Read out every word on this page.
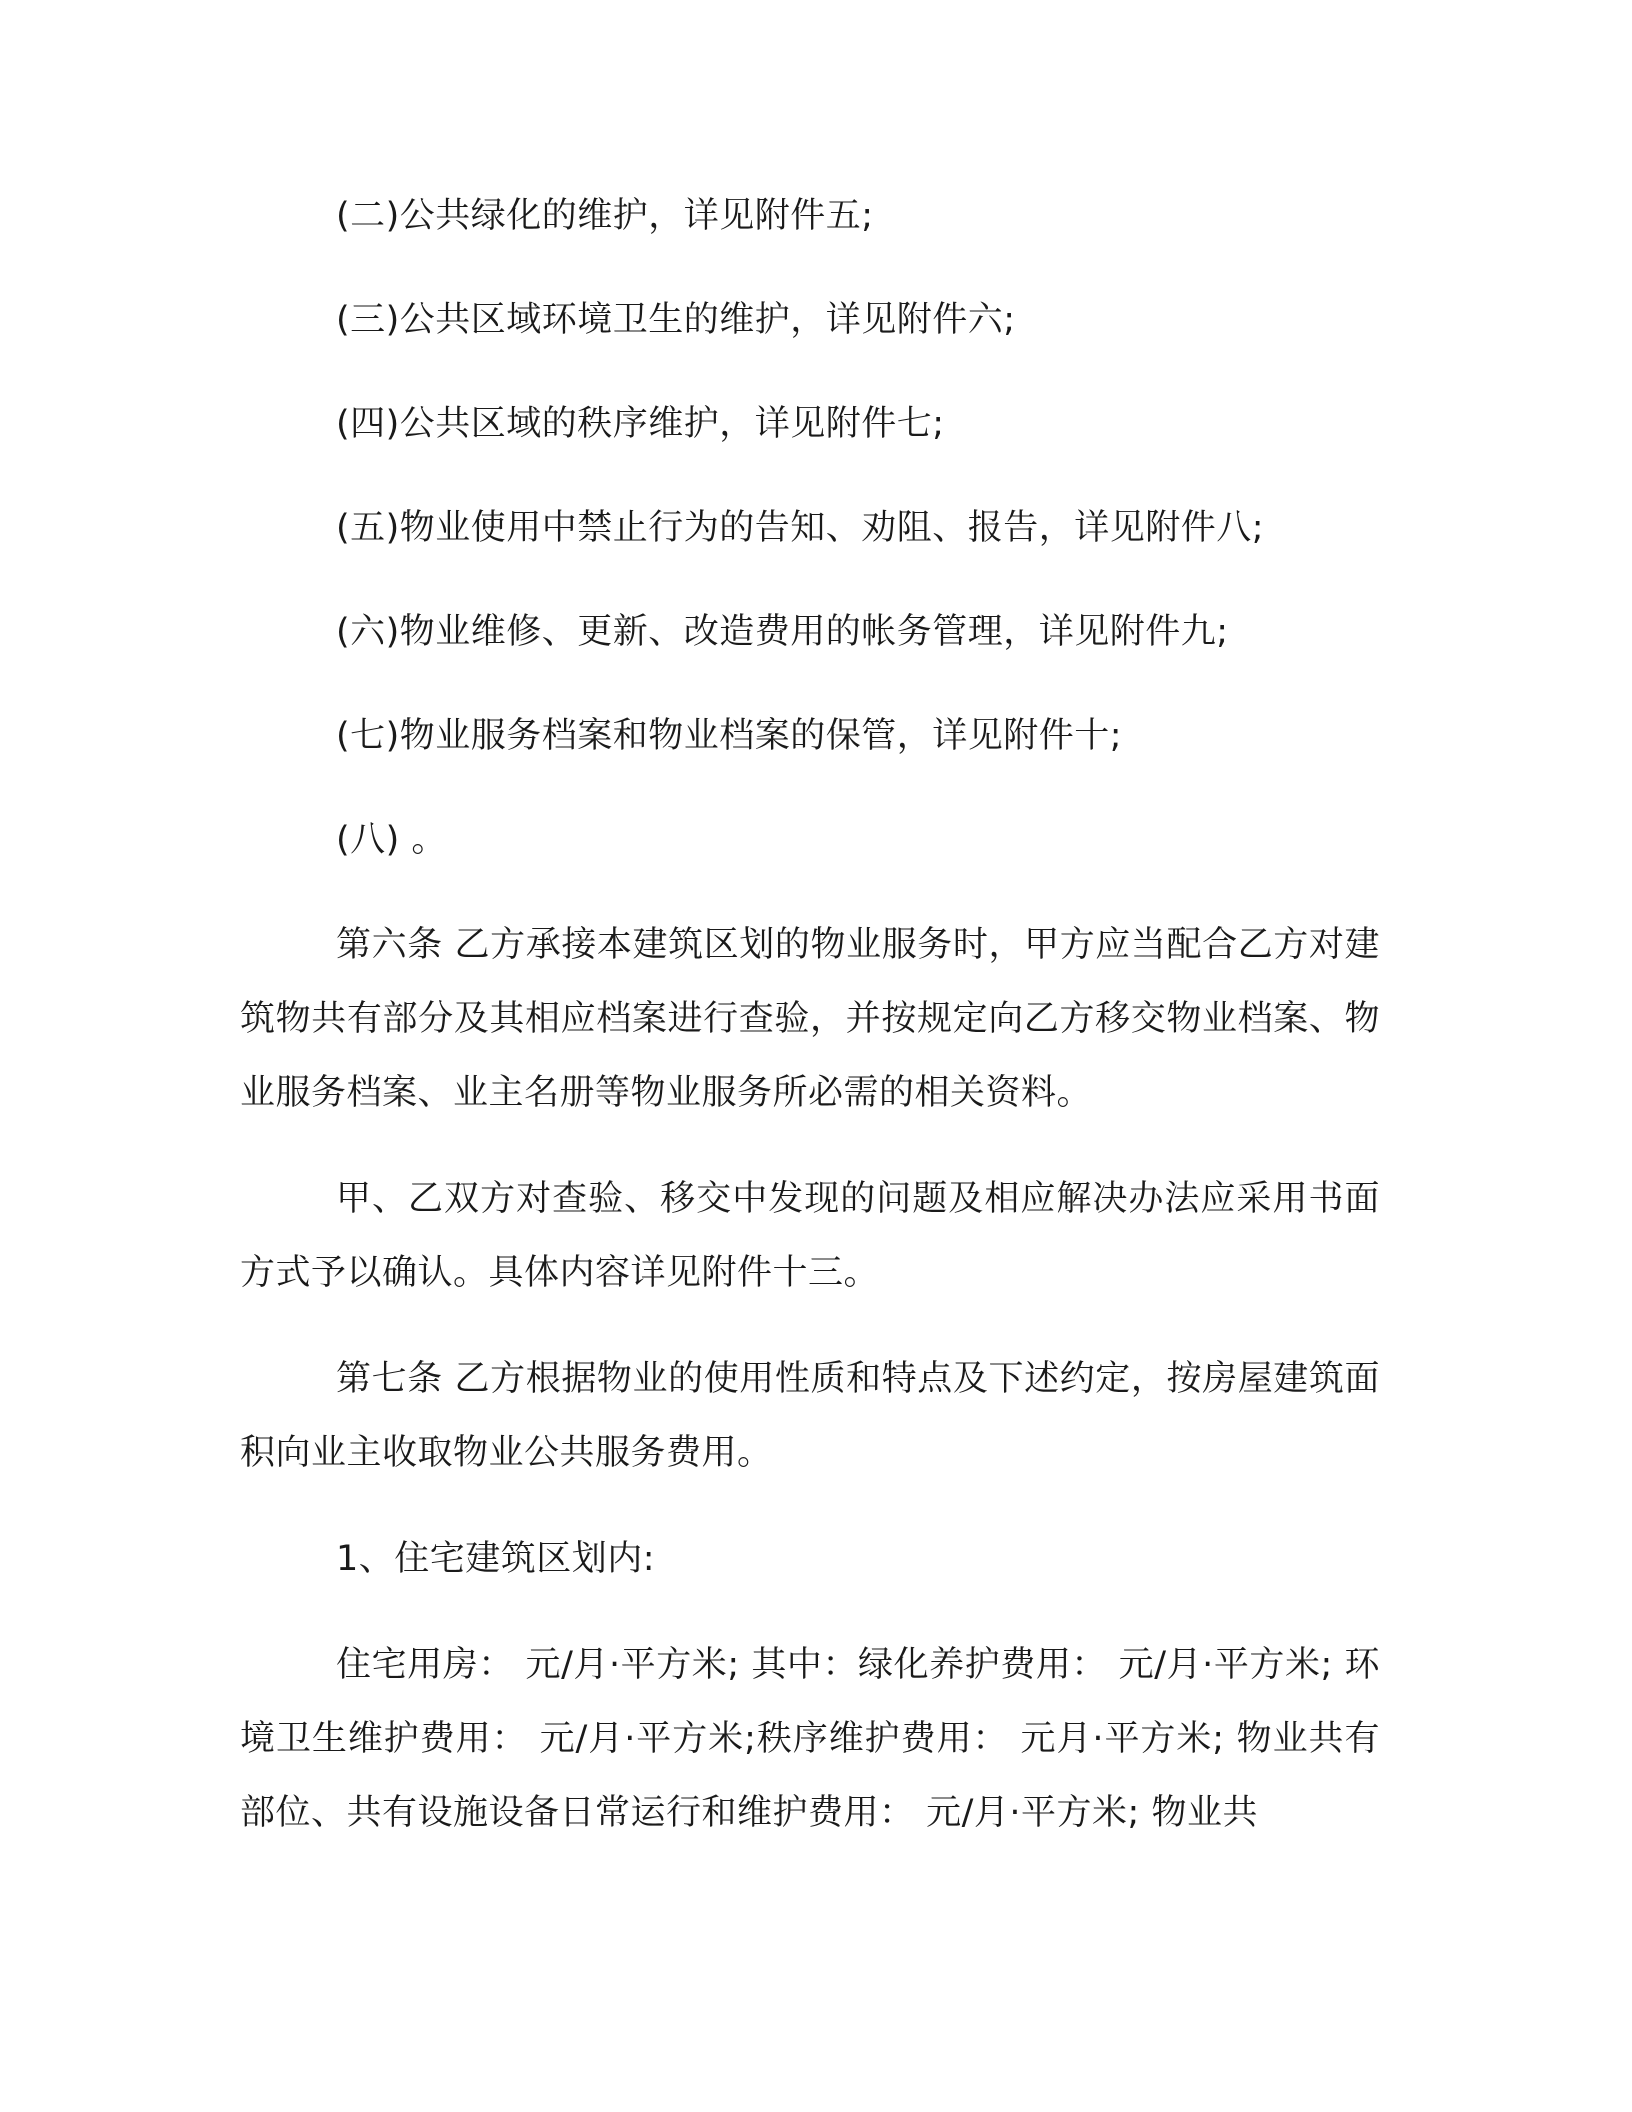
(二)公共绿化的维护，详见附件五;
(三)公共区域环境卫生的维护，详见附件六;
(四)公共区域的秩序维护，详见附件七;
(五)物业使用中禁止行为的告知、劝阻、报告，详见附件八;
(六)物业维修、更新、改造费用的帐务管理，详见附件九;
(七)物业服务档案和物业档案的保管，详见附件十;
(八) 。

第六条 乙方承接本建筑区划的物业服务时，甲方应当配合乙方对建筑物共有部分及其相应档案进行查验，并按规定向乙方移交物业档案、物业服务档案、业主名册等物业服务所必需的相关资料。

甲、乙双方对查验、移交中发现的问题及相应解决办法应采用书面方式予以确认。具体内容详见附件十三。

第七条 乙方根据物业的使用性质和特点及下述约定，按房屋建筑面积向业主收取物业公共服务费用。

1、住宅建筑区划内:

住宅用房： 元/月·平方米; 其中：绿化养护费用： 元/月·平方米; 环境卫生维护费用： 元/月·平方米;秩序维护费用： 元月·平方米; 物业共有部位、共有设施设备日常运行和维护费用： 元/月·平方米; 物业共
